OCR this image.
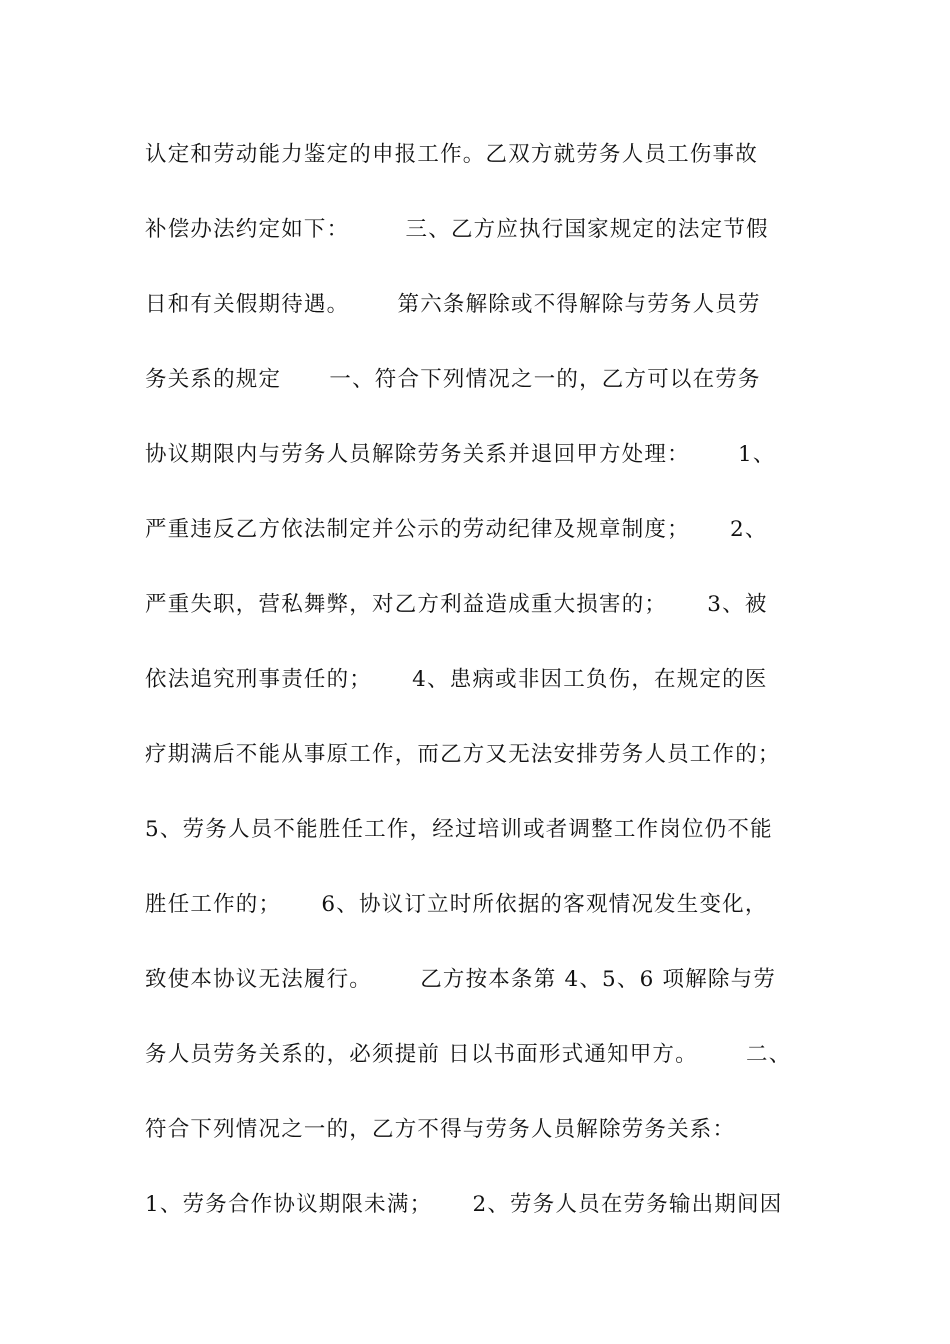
认定和劳动能力鉴定的申报工作。乙双方就劳务人员工伤事故
补偿办法约定如下：       三、乙方应执行国家规定的法定节假
日和有关假期待遇。      第六条解除或不得解除与劳务人员劳
务关系的规定      一、符合下列情况之一的，乙方可以在劳务
协议期限内与劳务人员解除劳务关系并退回甲方处理：      1、
严重违反乙方依法制定并公示的劳动纪律及规章制度；     2、
严重失职，营私舞弊，对乙方利益造成重大损害的；     3、被
依法追究刑事责任的；     4、患病或非因工负伤，在规定的医
疗期满后不能从事原工作，而乙方又无法安排劳务人员工作的；
5、劳务人员不能胜任工作，经过培训或者调整工作岗位仍不能
胜任工作的；     6、协议订立时所依据的客观情况发生变化，
致使本协议无法履行。      乙方按本条第 4、5、6 项解除与劳
务人员劳务关系的，必须提前 日以书面形式通知甲方。      二、
符合下列情况之一的，乙方不得与劳务人员解除劳务关系：
1、劳务合作协议期限未满；     2、劳务人员在劳务输出期间因
